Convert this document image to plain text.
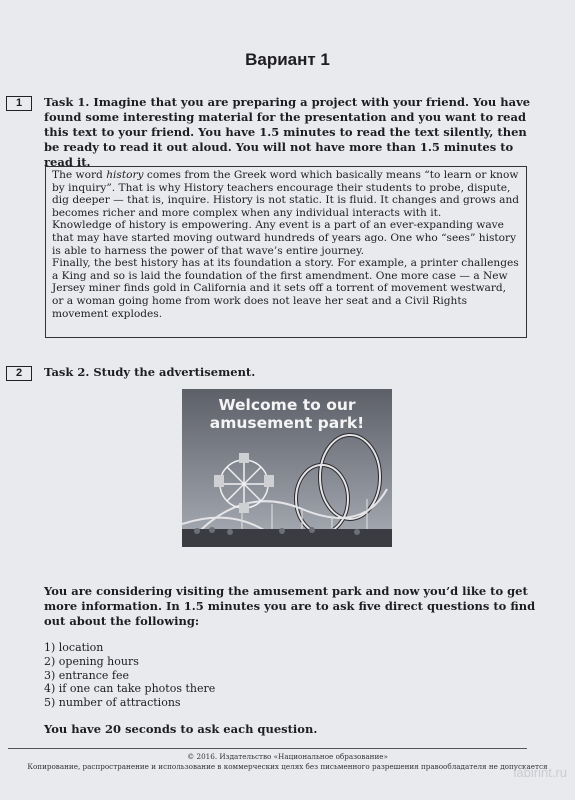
Вариант 1
1	Task 1. Imagine that you are preparing a project with your friend. You have found some interesting material for the presentation and you want to read this text to your friend. You have 1.5 minutes to read the text silently, then be ready to read it out aloud. You will not have more than 1.5 minutes to read it.

The word history comes from the Greek word which basically means “to learn or know by inquiry”. That is why History teachers encourage their students to probe, dispute, dig deeper — that is, inquire. History is not static. It is fluid. It changes and grows and becomes richer and more complex when any individual interacts with it.

Knowledge of history is empowering. Any event is a part of an ever-expanding wave that may have started moving outward hundreds of years ago. One who “sees” history is able to harness the power of that wave’s entire journey.

Finally, the best history has at its foundation a story. For example, a printer challenges a King and so is laid the foundation of the first amendment. One more case — a New Jersey miner finds gold in California and it sets off a torrent of movement westward, or a woman going home from work does not leave her seat and a Civil Rights movement explodes.

2	Task 2. Study the advertisement.
Welcome to our
amusement park!
You are considering visiting the amusement park and now you’d like to get more information. In 1.5 minutes you are to ask five direct questions to find out about the following:
1) location
2) opening hours
3) entrance fee
4) if one can take photos there
5) number of attractions
You have 20 seconds to ask each question.
© 2016. Издательство «Национальное образование»
Копирование, распространение и использование в коммерческих целях без письменного разрешения правообладателя не допускается
labirint.ru
